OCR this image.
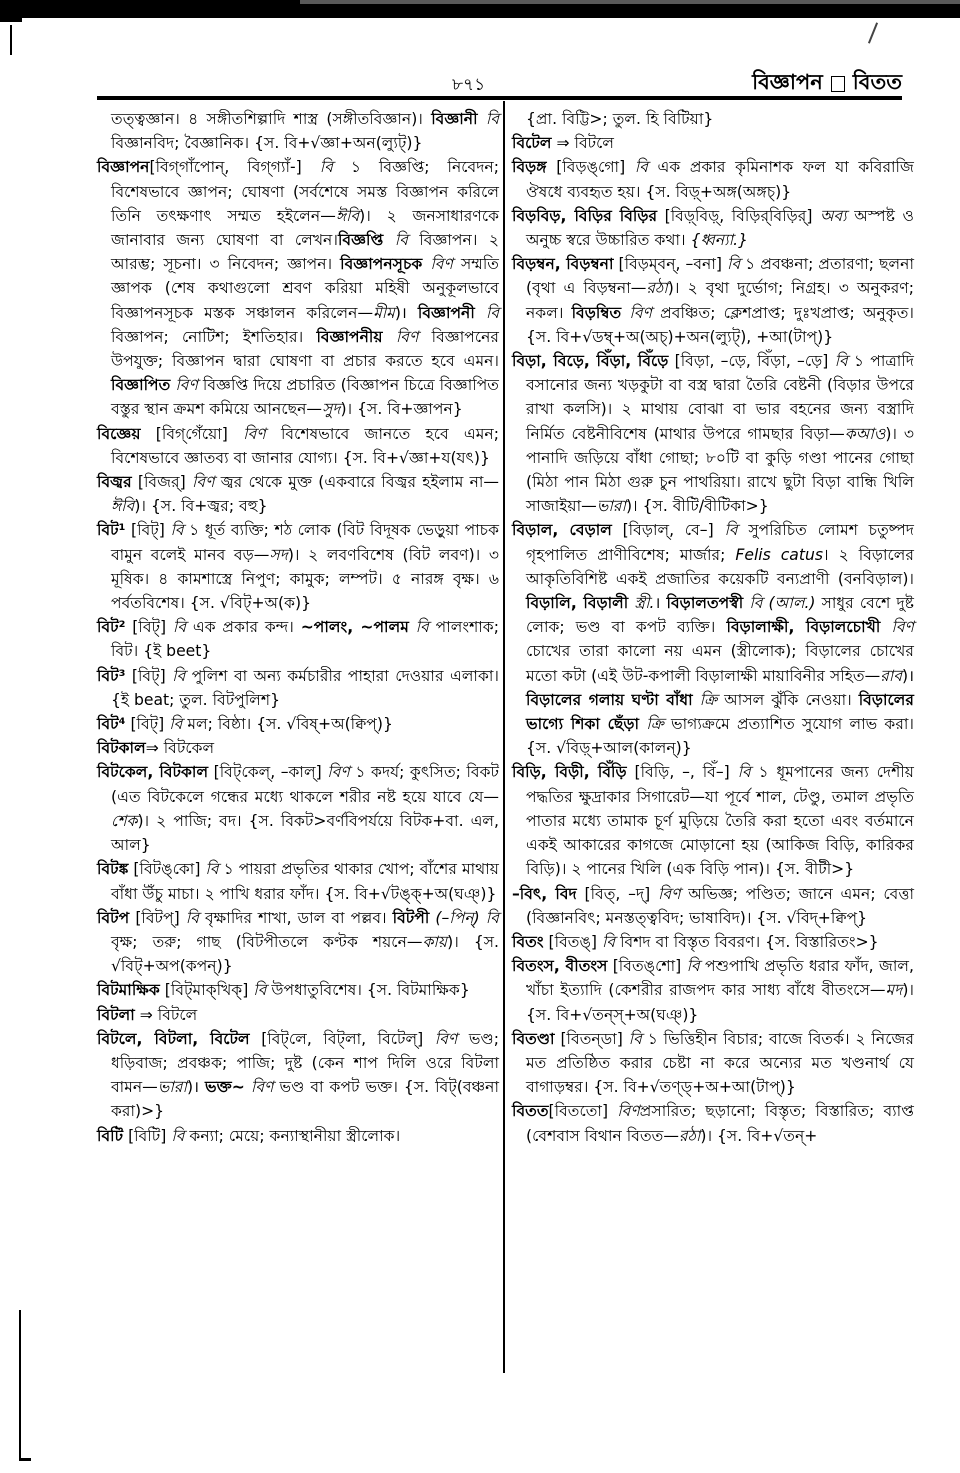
৮৭১	বিজ্ঞাপন বিতত

তত্ত্বজ্ঞান। ৪ সঙ্গীতশিল্পাদি শাস্ত্র (সঙ্গীতবিজ্ঞান)। বিজ্ঞানী বি বিজ্ঞানবিদ; বৈজ্ঞানিক। {স. বি+√জ্ঞা+অন(ল্যুট্)}

বিজ্ঞাপন[বিগ্‌গাঁপোন্, বিগ্‌গ্যাঁ-] বি ১ বিজ্ঞপ্তি; নিবেদন; বিশেষভাবে জ্ঞাপন; ঘোষণা (সর্বশেষে সমস্ত বিজ্ঞাপন করিলে তিনি তৎক্ষণাৎ সম্মত হইলেন—ঈবি)। ২ জনসাধারণকে জানাবার জন্য ঘোষণা বা লেখন।বিজ্ঞপ্তি বি বিজ্ঞাপন। ২ আরম্ভ; সূচনা। ৩ নিবেদন; জ্ঞাপন। বিজ্ঞাপনসূচক বিণ সম্মতি জ্ঞাপক (শেষ কথাগুলো শ্রবণ করিয়া মহিষী অনুকূলভাবে বিজ্ঞাপনসূচক মস্তক সঞ্চালন করিলেন—মীম)। বিজ্ঞাপনী বি বিজ্ঞাপন; নোটিশ; ইশতিহার। বিজ্ঞাপনীয় বিণ বিজ্ঞাপনের উপযুক্ত; বিজ্ঞাপন দ্বারা ঘোষণা বা প্রচার করতে হবে এমন। বিজ্ঞাপিত বিণ বিজ্ঞপ্তি দিয়ে প্রচারিত (বিজ্ঞাপন চিত্রে বিজ্ঞাপিত বস্তুর স্থান ক্রমশ কমিয়ে আনছেন—সুদ)। {স. বি+জ্ঞাপন}

বিজ্ঞেয় [বিগ্‌গেঁয়ো] বিণ বিশেষভাবে জানতে হবে এমন; বিশেষভাবে জ্ঞাতব্য বা জানার যোগ্য। {স. বি+√জ্ঞা+য(যৎ)}

বিজ্বর [বিজর্] বিণ জ্বর থেকে মুক্ত (একবারে বিজ্বর হইলাম না—ঈবি)। {স. বি+জ্বর; বহু}

বিট¹ [বিট্] বি ১ ধূর্ত ব্যক্তি; শঠ লোক (বিট বিদূষক ভেড়ুয়া পাচক বামুন বলেই মানব বড়—সদ)। ২ লবণবিশেষ (বিট লবণ)। ৩ মূষিক। ৪ কামশাস্ত্রে নিপুণ; কামুক; লম্পট। ৫ নারঙ্গ বৃক্ষ। ৬ পর্বতবিশেষ। {স. √বিট্+অ(ক)}

বিট² [বিট্] বি এক প্রকার কন্দ। ~পালং, ~পালম বি পালংশাক; বিট। {ই beet}

বিট³ [বিট্] বি পুলিশ বা অন্য কর্মচারীর পাহারা দেওয়ার এলাকা। {ই beat; তুল. বিটপুলিশ}

বিট⁴ [বিট্] বি মল; বিষ্ঠা। {স. √বিষ্+অ(ক্বিপ্)}

বিটকাল⇒ বিটকেল

বিটকেল, বিটকাল [বিট্‌কেল্, –কাল্] বিণ ১ কদর্য; কুৎসিত; বিকট (এত বিটকেলে গন্ধের মধ্যে থাকলে শরীর নষ্ট হয়ে যাবে যে—শেক)। ২ পাজি; বদ। {স. বিকট>বর্ণবিপর্যয়ে বিটক+বা. এল, আল}

বিটঙ্ক [বিটঙ্‌কো] বি ১ পায়রা প্রভৃতির থাকার খোপ; বাঁশের মাথায় বাঁধা উঁচু মাচা। ২ পাখি ধরার ফাঁদ। {স. বি+√টঙ্ক্+অ(ঘঞ্)}

বিটপ [বিটপ্] বি বৃক্ষাদির শাখা, ডাল বা পল্লব। বিটপী (–পিন্) বি বৃক্ষ; তরু; গাছ (বিটপীতলে কণ্টক শয়নে—কায়)। {স. √বিট্+অপ(কপন্)}

বিটমাক্ষিক [বিট্‌মাক্‌খিক্] বি উপধাতুবিশেষ। {স. বিটমাক্ষিক}

বিটলা ⇒ বিটলে

বিটলে, বিটলা, বিটেল [বিট্‌লে, বিট্‌লা, বিটেল্] বিণ ভণ্ড; ধড়িবাজ; প্রবঞ্চক; পাজি; দুষ্ট (কেন শাপ দিলি ওরে বিটলা বামন—ভারা)। ভক্ত~ বিণ ভণ্ড বা কপট ভক্ত। {স. বিট্(বঞ্চনা করা)>}

বিটি [বিটি] বি কন্যা; মেয়ে; কন্যাস্থানীয়া স্ত্রীলোক।

{প্রা. বিট্টি>; তুল. হি বিটিয়া}

বিটেল ⇒ বিটলে

বিড়ঙ্গ [বিড়ঙ্‌গো] বি এক প্রকার কৃমিনাশক ফল যা কবিরাজি ঔষধে ব্যবহৃত হয়। {স. বিড়্+অঙ্গ(অঙ্গচ্)}

বিড়বিড়, বিড়ির বিড়ির [বিড়্‌বিড়্, বিড়ির্‌বিড়ির্] অব্য অস্পষ্ট ও অনুচ্চ স্বরে উচ্চারিত কথা। {ধ্বন্যা.}

বিড়ম্বন, বিড়ম্বনা [বিড়ম্‌বন্, –বনা] বি ১ প্রবঞ্চনা; প্রতারণা; ছলনা (বৃথা এ বিড়ম্বনা—রঠা)। ২ বৃথা দুর্ভোগ; নিগ্রহ। ৩ অনুকরণ; নকল। বিড়ম্বিত বিণ প্রবঞ্চিত; ক্লেশপ্রাপ্ত; দুঃখপ্রাপ্ত; অনুকৃত। {স. বি+√ডম্ব্+অ(অচ্)+অন(ল্যুট্), +আ(টাপ্)}

বিড়া, বিড়ে, বিঁড়া, বিঁড়ে [বিড়া, –ড়ে, বিঁড়া, –ড়ে] বি ১ পাত্রাদি বসানোর জন্য খড়কুটা বা বস্ত্র দ্বারা তৈরি বেষ্টনী (বিড়ার উপরে রাখা কলসি)। ২ মাথায় বোঝা বা ভার বহনের জন্য বস্ত্রাদি নির্মিত বেষ্টনীবিশেষ (মাথার উপরে গামছার বিড়া—কআও)। ৩ পানাদি জড়িয়ে বাঁধা গোছা; ৮০টি বা কুড়ি গণ্ডা পানের গোছা (মিঠা পান মিঠা গুরু চুন পাথরিয়া। রাখে ছুটা বিড়া বান্ধি খিলি সাজাইয়া—ভারা)। {স. বীটি/বীটিকা>}

বিড়াল, বেড়াল [বিড়াল্, বে–] বি সুপরিচিত লোমশ চতুষ্পদ গৃহপালিত প্রাণীবিশেষ; মার্জার; Felis catus। ২ বিড়ালের আকৃতিবিশিষ্ট একই প্রজাতির কয়েকটি বন্যপ্রাণী (বনবিড়াল)। বিড়ালি, বিড়ালী স্ত্রী.। বিড়ালতপস্বী বি (আল.) সাধুর বেশে দুষ্ট লোক; ভণ্ড বা কপট ব্যক্তি। বিড়ালাক্ষী, বিড়ালচোখী বিণ চোখের তারা কালো নয় এমন (স্ত্রীলোক); বিড়ালের চোখের মতো কটা (এই উট-কপালী বিড়ালাক্ষী মায়াবিনীর সহিত—রাব)। বিড়ালের গলায় ঘণ্টা বাঁধা ক্রি আসল ঝুঁকি নেওয়া। বিড়ালের ভাগ্যে শিকা ছেঁড়া ক্রি ভাগ্যক্রমে প্রত্যাশিত সুযোগ লাভ করা। {স. √বিড়্+আল(কালন্)}

বিড়ি, বিড়ী, বিঁড়ি [বিড়ি, –, বিঁ–] বি ১ ধূমপানের জন্য দেশীয় পদ্ধতির ক্ষুদ্রাকার সিগারেট—যা পূর্বে শাল, টেণ্ডু, তমাল প্রভৃতি পাতার মধ্যে তামাক চূর্ণ মুড়িয়ে তৈরি করা হতো এবং বর্তমানে একই আকারের কাগজে মোড়ানো হয় (আকিজ বিড়ি, কারিকর বিড়ি)। ২ পানের খিলি (এক বিড়ি পান)। {স. বীটী>}

–বিৎ, বিদ [বিত্, –দ্] বিণ অভিজ্ঞ; পণ্ডিত; জানে এমন; বেত্তা (বিজ্ঞানবিৎ; মনস্তত্ত্ববিদ; ভাষাবিদ)। {স. √বিদ্+ক্বিপ্}

বিতং [বিতঙ্] বি বিশদ বা বিস্তৃত বিবরণ। {স. বিস্তারিতং>}

বিতংস, বীতংস [বিতঙ্‌শো] বি পশুপাখি প্রভৃতি ধরার ফাঁদ, জাল, খাঁচা ইত্যাদি (কেশরীর রাজপদ কার সাধ্য বাঁধে বীতংসে—মদ)। {স. বি+√তন্স্+অ(ঘঞ্)}

বিতণ্ডা [বিতন্‌ডা] বি ১ ভিত্তিহীন বিচার; বাজে বিতর্ক। ২ নিজের মত প্রতিষ্ঠিত করার চেষ্টা না করে অন্যের মত খণ্ডনার্থ যে বাগাড়ম্বর। {স. বি+√তণ্ড্+অ+আ(টাপ্)}

বিতত[বিততো] বিণপ্রসারিত; ছড়ানো; বিস্তৃত; বিস্তারিত; ব্যাপ্ত (বেশবাস বিথান বিতত—রঠা)। {স. বি+√তন্+
